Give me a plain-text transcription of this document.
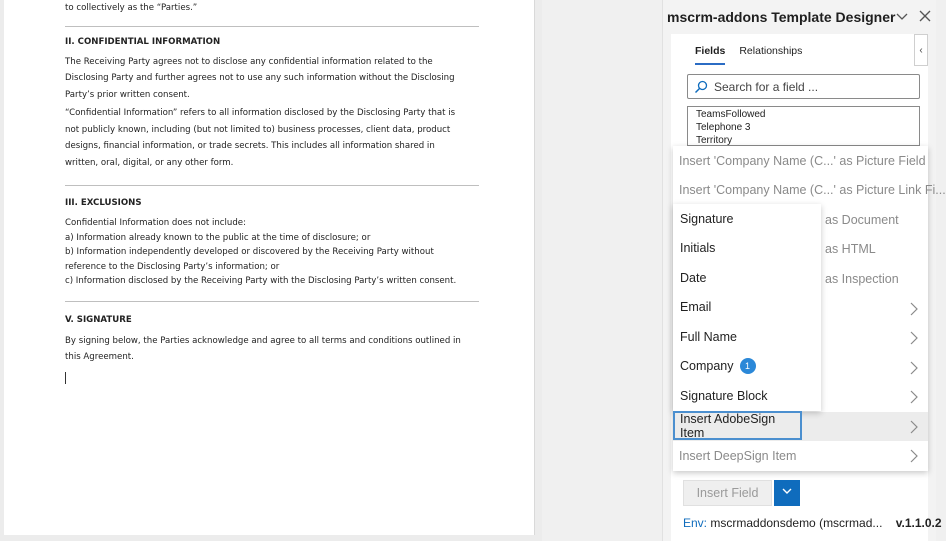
to collectively as the “Parties.”
II. CONFIDENTIAL INFORMATION
The Receiving Party agrees not to disclose any confidential information related to the
Disclosing Party and further agrees not to use any such information without the Disclosing
Party’s prior written consent.
“Confidential Information” refers to all information disclosed by the Disclosing Party that is
not publicly known, including (but not limited to) business processes, client data, product
designs, financial information, or trade secrets. This includes all information shared in
written, oral, digital, or any other form.
III. EXCLUSIONS
Confidential Information does not include:
a) Information already known to the public at the time of disclosure; or
b) Information independently developed or discovered by the Receiving Party without
reference to the Disclosing Party’s information; or
c) Information disclosed by the Receiving Party with the Disclosing Party’s written consent.
V. SIGNATURE
By signing below, the Parties acknowledge and agree to all terms and conditions outlined in
this Agreement.
mscrm-addons Template Designer
Fields Relationships	‹
Search for a field ...
TeamsFollowed
Telephone 3
Territory
Insert 'Company Name (C...' as Picture Field
Insert 'Company Name (C...' as Picture Link Fi...
as Document
as HTML
as Inspection
Insert DeepSign Item
Signature
Initials
Date
Email
Full Name
Company	1
Signature Block
Insert AdobeSign Item
Insert Field
Env: mscrmaddonsdemo (mscrmad... v.1.1.0.2
